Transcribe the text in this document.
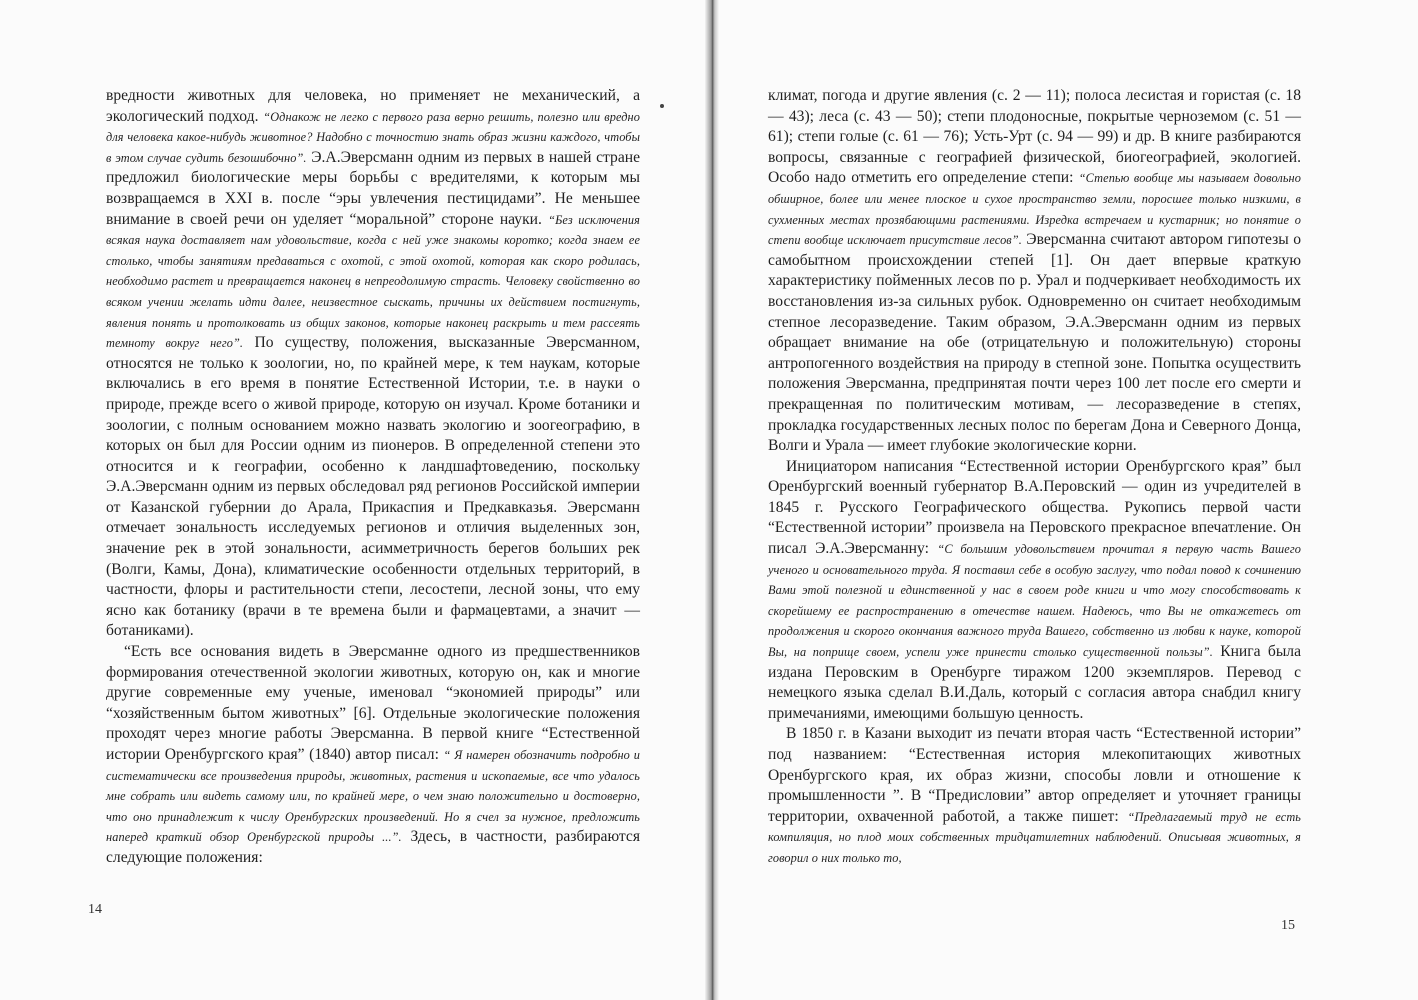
вредности животных для человека, но применяет не механический, а экологический подход. “Однакож не легко с первого раза верно решить, полезно или вредно для человека какое-нибудь животное? Надобно с точностию знать образ жизни каждого, чтобы в этом случае судить безошибочно”. Э.А.Эверсманн одним из первых в нашей стране предложил биологические меры борьбы с вредителями, к которым мы возвращаемся в XXI в. после “эры увлечения пестицидами”. Не меньшее внимание в своей речи он уделяет “моральной” стороне науки. “Без исключения всякая наука доставляет нам удовольствие, когда с ней уже знакомы коротко; когда знаем ее столько, чтобы занятиям предаваться с охотой, с этой охотой, которая как скоро родилась, необходимо растет и превращается наконец в непреодолимую страсть. Человеку свойственно во всяком учении желать идти далее, неизвестное сыскать, причины их действием постигнуть, явления понять и протолковать из общих законов, которые наконец раскрыть и тем рассеять темноту вокруг него”. По существу, положения, высказанные Эверсманном, относятся не только к зоологии, но, по крайней мере, к тем наукам, которые включались в его время в понятие Естественной Истории, т.е. в науки о природе, прежде всего о живой природе, которую он изучал. Кроме ботаники и зоологии, с полным основанием можно назвать экологию и зоогеографию, в которых он был для России одним из пионеров. В определенной степени это относится и к географии, особенно к ландшафтоведению, поскольку Э.А.Эверсманн одним из первых обследовал ряд регионов Российской империи от Казанской губернии до Арала, Прикаспия и Предкавказья. Эверсманн отмечает зональность исследуемых регионов и отличия выделенных зон, значение рек в этой зональности, асимметричность берегов больших рек (Волги, Камы, Дона), климатические особенности отдельных территорий, в частности, флоры и растительности степи, лесостепи, лесной зоны, что ему ясно как ботанику (врачи в те времена были и фармацевтами, а значит — ботаниками).

“Есть все основания видеть в Эверсманне одного из предшественников формирования отечественной экологии животных, которую он, как и многие другие современные ему ученые, именовал “экономией природы” или “хозяйственным бытом животных” [6]. Отдельные экологические положения проходят через многие работы Эверсманна. В первой книге “Естественной истории Оренбургского края” (1840) автор писал: “ Я намерен обозначить подробно и систематически все произведения природы, животных, растения и ископаемые, все что удалось мне собрать или видеть самому или, по крайней мере, о чем знаю положительно и достоверно, что оно принадлежит к числу Оренбургских произведений. Но я счел за нужное, предложить наперед краткий обзор Оренбургской природы ...”. Здесь, в частности, разбираются следующие положения:

14

климат, погода и другие явления (с. 2 — 11); полоса лесистая и гористая (с. 18 — 43); леса (с. 43 — 50); степи плодоносные, покрытые черноземом (с. 51 — 61); степи голые (с. 61 — 76); Усть-Урт (с. 94 — 99) и др. В книге разбираются вопросы, связанные с географией физической, биогеографией, экологией. Особо надо отметить его определение степи: “Степью вообще мы называем довольно обширное, более или менее плоское и сухое пространство земли, поросшее только низкими, в сухменных местах прозябающими растениями. Изредка встречаем и кустарник; но понятие о степи вообще исключает присутствие лесов”. Эверсманна считают автором гипотезы о самобытном происхождении степей [1]. Он дает впервые краткую характеристику пойменных лесов по р. Урал и подчеркивает необходимость их восстановления из-за сильных рубок. Одновременно он считает необходимым степное лесоразведение. Таким образом, Э.А.Эверсманн одним из первых обращает внимание на обе (отрицательную и положительную) стороны антропогенного воздействия на природу в степной зоне. Попытка осуществить положения Эверсманна, предпринятая почти через 100 лет после его смерти и прекращенная по политическим мотивам, — лесоразведение в степях, прокладка государственных лесных полос по берегам Дона и Северного Донца, Волги и Урала — имеет глубокие экологические корни.

Инициатором написания “Естественной истории Оренбургского края” был Оренбургский военный губернатор В.А.Перовский — один из учредителей в 1845 г. Русского Географического общества. Рукопись первой части “Естественной истории” произвела на Перовского прекрасное впечатление. Он писал Э.А.Эверсманну: “С большим удовольствием прочитал я первую часть Вашего ученого и основательного труда. Я поставил себе в особую заслугу, что подал повод к сочинению Вами этой полезной и единственной у нас в своем роде книги и что могу способствовать к скорейшему ее распространению в отечестве нашем. Надеюсь, что Вы не откажетесь от продолжения и скорого окончания важного труда Вашего, собственно из любви к науке, которой Вы, на поприще своем, успели уже принести столько существенной пользы”. Книга была издана Перовским в Оренбурге тиражом 1200 экземпляров. Перевод с немецкого языка сделал В.И.Даль, который с согласия автора снабдил книгу примечаниями, имеющими большую ценность.

В 1850 г. в Казани выходит из печати вторая часть “Естественной истории” под названием: “Естественная история млекопитающих животных Оренбургского края, их образ жизни, способы ловли и отношение к промышленности ”. В “Предисловии” автор определяет и уточняет границы территории, охваченной работой, а также пишет: “Предлагаемый труд не есть компиляция, но плод моих собственных тридцатилетних наблюдений. Описывая животных, я говорил о них только то,

15
